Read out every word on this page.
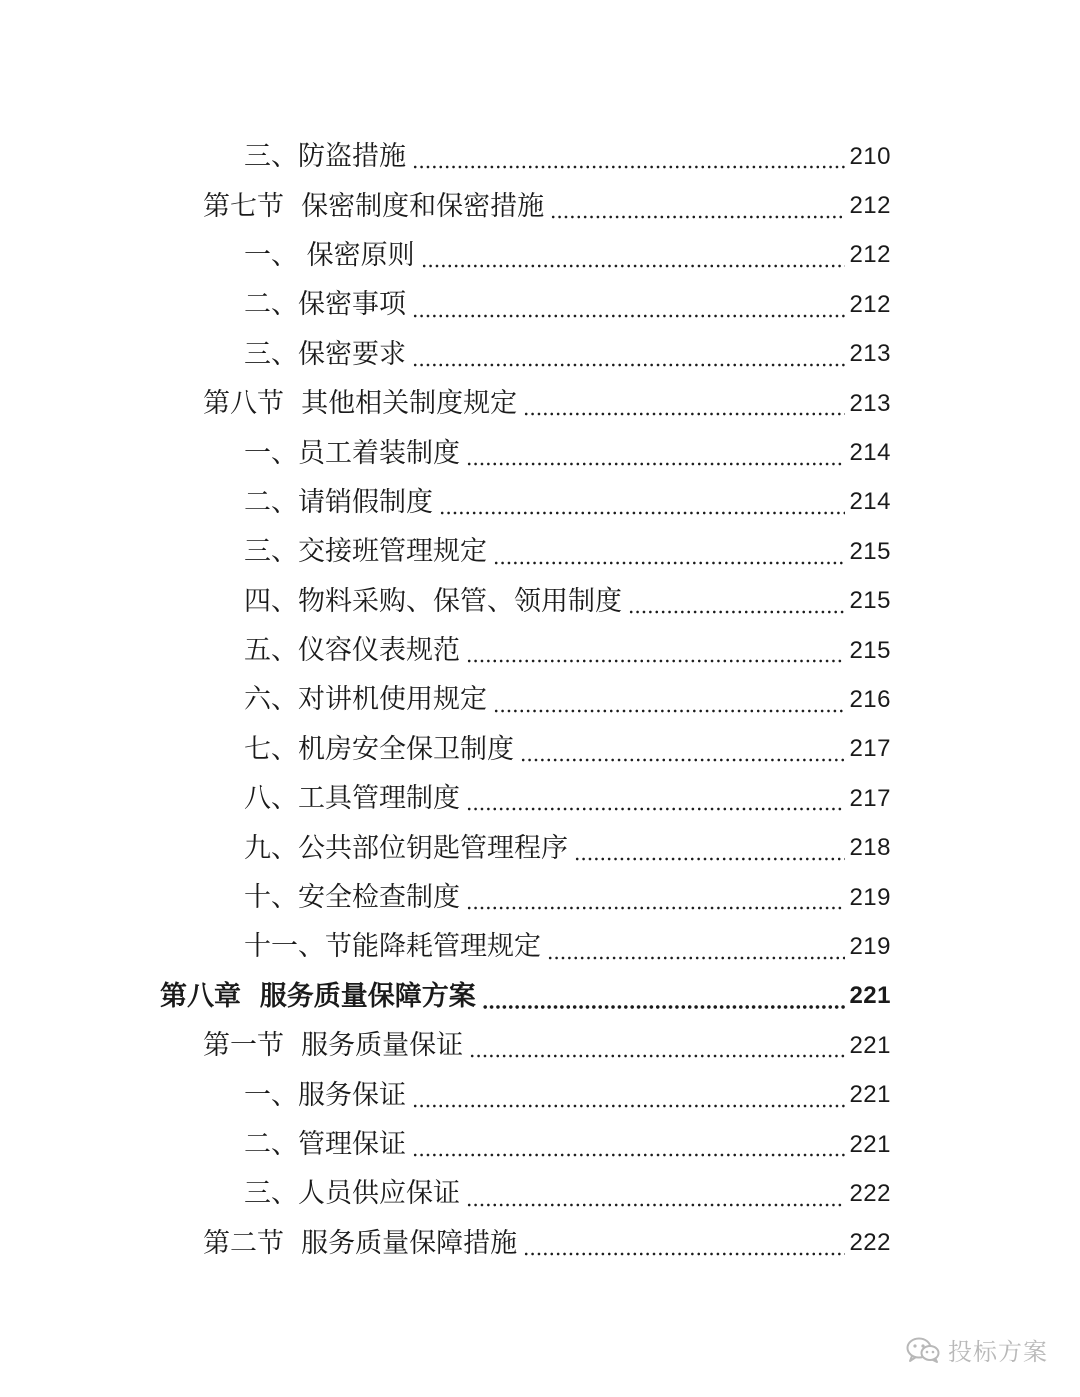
三、防盗措施	210
第七节  保密制度和保密措施	212
一、 保密原则	212
二、保密事项	212
三、保密要求	213
第八节  其他相关制度规定	213
一、员工着装制度	214
二、请销假制度	214
三、交接班管理规定	215
四、物料采购、保管、领用制度	215
五、仪容仪表规范	215
六、对讲机使用规定	216
七、机房安全保卫制度	217
八、工具管理制度	217
九、公共部位钥匙管理程序	218
十、安全检查制度	219
十一、节能降耗管理规定	219
第八章  服务质量保障方案	221
第一节  服务质量保证	221
一、服务保证	221
二、管理保证	221
三、人员供应保证	222
第二节  服务质量保障措施	222
投标方案
